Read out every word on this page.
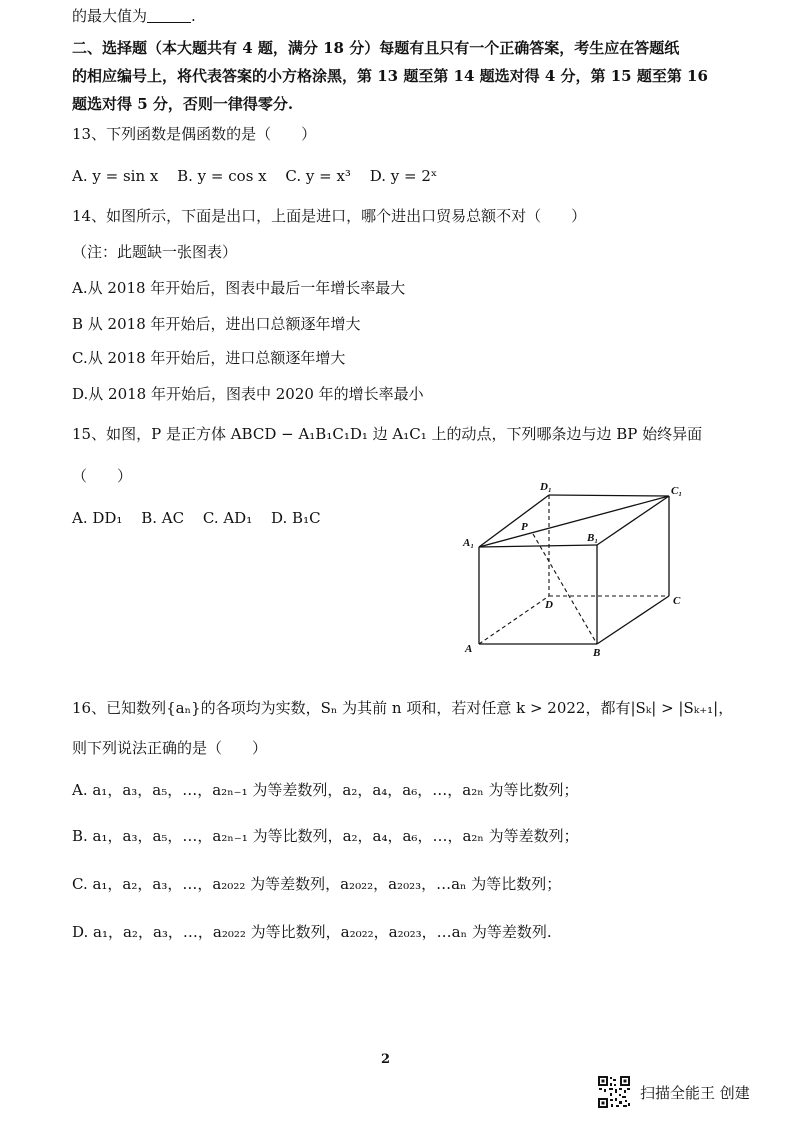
的最大值为	.
二、选择题（本大题共有 4 题，满分 18 分）每题有且只有一个正确答案，考生应在答题纸
的相应编号上，将代表答案的小方格涂黑，第 13 题至第 14 题选对得 4 分，第 15 题至第 16
题选对得 5 分，否则一律得零分.
13、下列函数是偶函数的是（　　）
A. y = sin x B. y = cos x C. y = x³ D. y = 2ˣ
14、如图所示，下面是出口，上面是进口，哪个进出口贸易总额不对（　　）
（注：此题缺一张图表）
A.从 2018 年开始后，图表中最后一年增长率最大
B 从 2018 年开始后，进出口总额逐年增大
C.从 2018 年开始后，进口总额逐年增大
D.从 2018 年开始后，图表中 2020 年的增长率最小
15、如图，P 是正方体 ABCD − A₁B₁C₁D₁ 边 A₁C₁ 上的动点，下列哪条边与边 BP 始终异面
（　　）
A. DD₁ B. AC C. AD₁ D. B₁C
D₁	C₁
P
B₁
A₁
D	C
A	B
16、已知数列{aₙ}的各项均为实数，Sₙ 为其前 n 项和，若对任意 k > 2022，都有|Sₖ| > |Sₖ₊₁|，
则下列说法正确的是（　　）
A. a₁，a₃，a₅，…，a₂ₙ₋₁ 为等差数列，a₂，a₄，a₆，…，a₂ₙ 为等比数列；
B. a₁，a₃，a₅，…，a₂ₙ₋₁ 为等比数列，a₂，a₄，a₆，…，a₂ₙ 为等差数列；
C. a₁，a₂，a₃，…，a₂₀₂₂ 为等差数列，a₂₀₂₂，a₂₀₂₃，…aₙ 为等比数列；
D. a₁，a₂，a₃，…，a₂₀₂₂ 为等比数列，a₂₀₂₂，a₂₀₂₃，…aₙ 为等差数列.
2
扫描全能王 创建
